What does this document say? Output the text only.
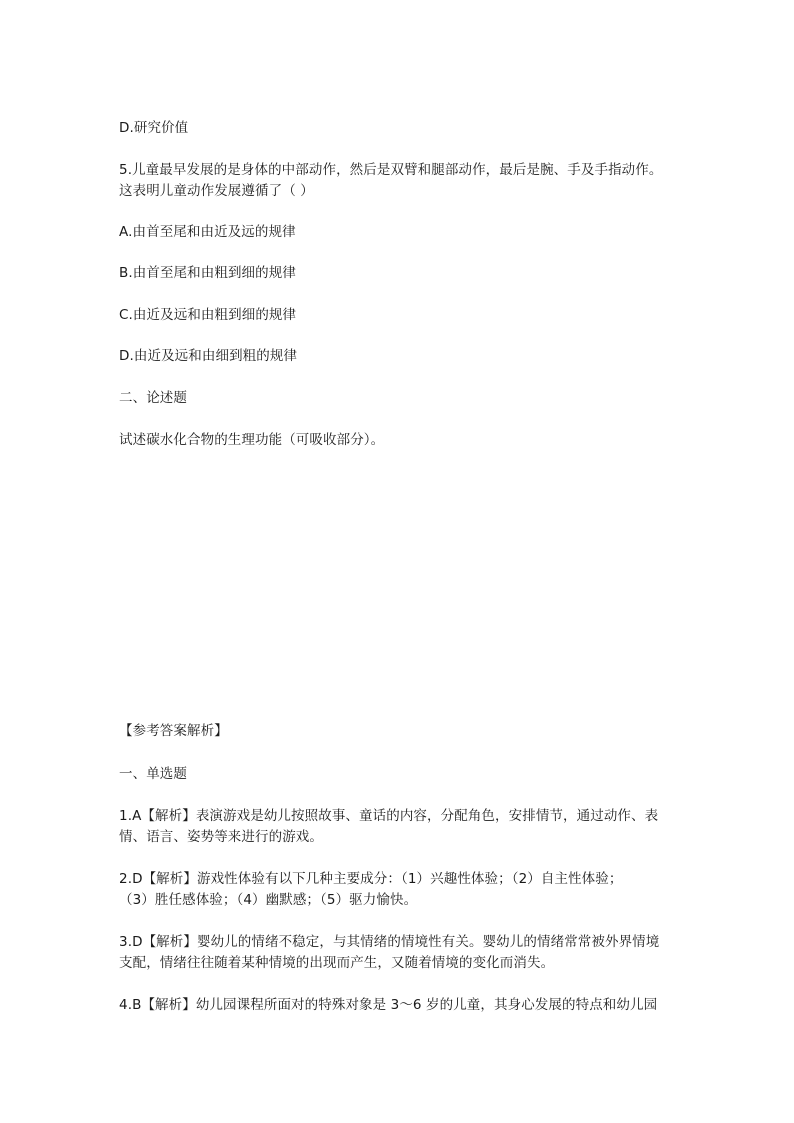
D.研究价值
5.儿童最早发展的是身体的中部动作，然后是双臂和腿部动作，最后是腕、手及手指动作。
这表明儿童动作发展遵循了（ ）
A.由首至尾和由近及远的规律
B.由首至尾和由粗到细的规律
C.由近及远和由粗到细的规律
D.由近及远和由细到粗的规律
二、论述题
试述碳水化合物的生理功能（可吸收部分）。
【参考答案解析】
一、单选题
1.A【解析】表演游戏是幼儿按照故事、童话的内容，分配角色，安排情节，通过动作、表
情、语言、姿势等来进行的游戏。
2.D【解析】游戏性体验有以下几种主要成分：（1）兴趣性体验；（2）自主性体验；
（3）胜任感体验；（4）幽默感；（5）驱力愉快。
3.D【解析】婴幼儿的情绪不稳定，与其情绪的情境性有关。婴幼儿的情绪常常被外界情境
支配，情绪往往随着某种情境的出现而产生，又随着情境的变化而消失。
4.B【解析】幼儿园课程所面对的特殊对象是 3～6 岁的儿童，其身心发展的特点和幼儿园
